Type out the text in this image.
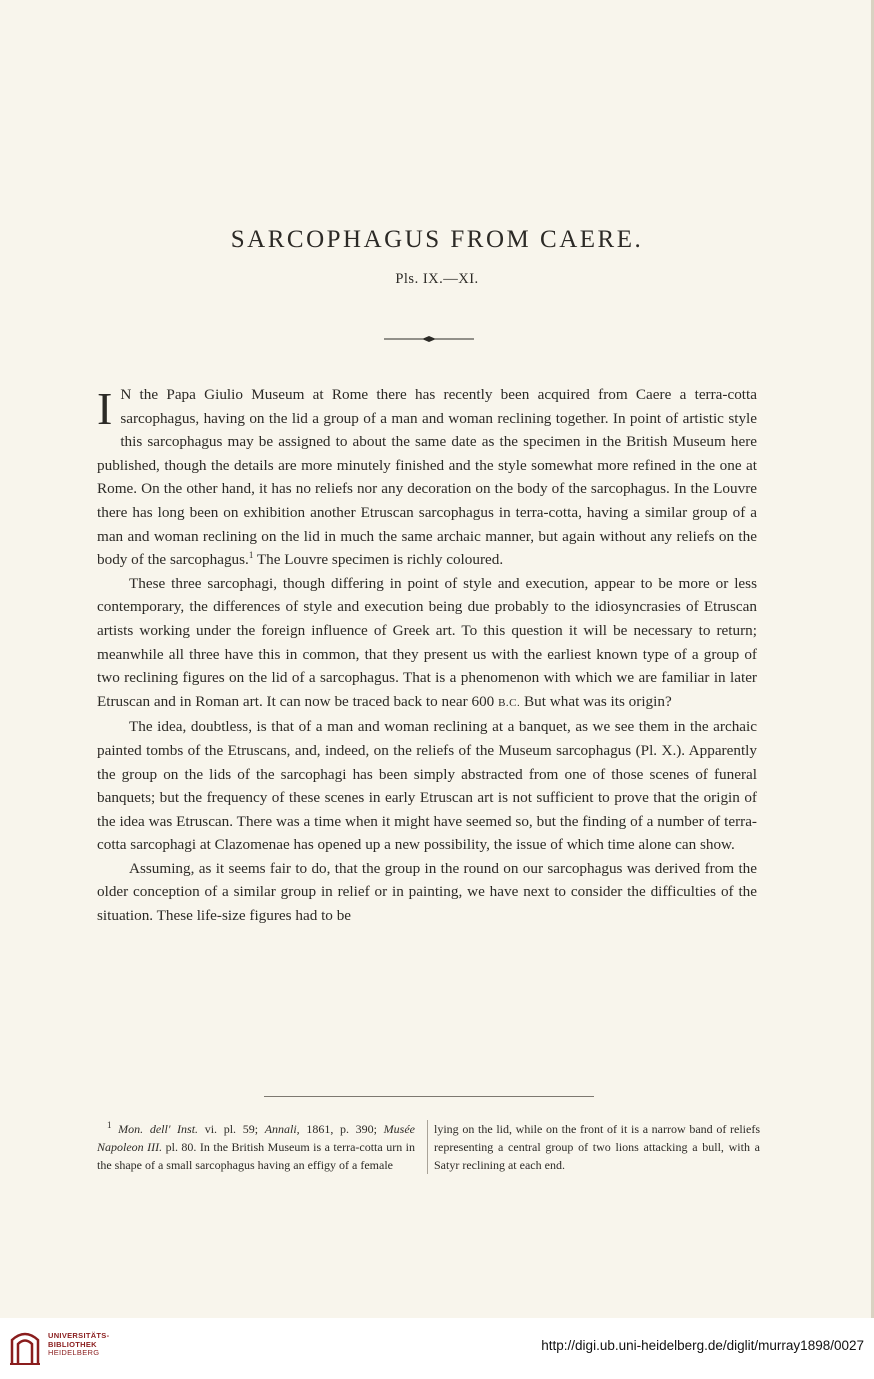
SARCOPHAGUS FROM CAERE.
Pls. IX.—XI.

I N the Papa Giulio Museum at Rome there has recently been acquired from Caere a terra-cotta sarcophagus, having on the lid a group of a man and woman reclining together. In point of artistic style this sarcophagus may be assigned to about the same date as the specimen in the British Museum here published, though the details are more minutely finished and the style somewhat more refined in the one at Rome. On the other hand, it has no reliefs nor any decoration on the body of the sarcophagus. In the Louvre there has long been on exhibition another Etruscan sarcophagus in terra-cotta, having a similar group of a man and woman reclining on the lid in much the same archaic manner, but again without any reliefs on the body of the sarcophagus.$^1$ The Louvre specimen is richly coloured.

These three sarcophagi, though differing in point of style and execution, appear to be more or less contemporary, the differences of style and execution being due probably to the idiosyncrasies of Etruscan artists working under the foreign influence of Greek art. To this question it will be necessary to return; meanwhile all three have this in common, that they present us with the earliest known type of a group of two reclining figures on the lid of a sarcophagus. That is a phenomenon with which we are familiar in later Etruscan and in Roman art. It can now be traced back to near 600 B.C. But what was its origin?

The idea, doubtless, is that of a man and woman reclining at a banquet, as we see them in the archaic painted tombs of the Etruscans, and, indeed, on the reliefs of the Museum sarcophagus (Pl. X.). Apparently the group on the lids of the sarcophagi has been simply abstracted from one of those scenes of funeral banquets; but the frequency of these scenes in early Etruscan art is not sufficient to prove that the origin of the idea was Etruscan. There was a time when it might have seemed so, but the finding of a number of terra-cotta sarcophagi at Clazomenae has opened up a new possibility, the issue of which time alone can show.

Assuming, as it seems fair to do, that the group in the round on our sarcophagus was derived from the older conception of a similar group in relief or in painting, we have next to consider the difficulties of the situation. These life-size figures had to be

$^1$ Mon. dell' Inst. vi. pl. 59; Annali, 1861, p. 390; Musée Napoleon III. pl. 80. In the British Museum is a terra-cotta urn in the shape of a small sarcophagus having an effigy of a female
lying on the lid, while on the front of it is a narrow band of reliefs representing a central group of two lions attacking a bull, with a Satyr reclining at each end.
UNIVERSITÄTS-
BIBLIOTHEK
HEIDELBERG	http://digi.ub.uni-heidelberg.de/diglit/murray1898/0027
